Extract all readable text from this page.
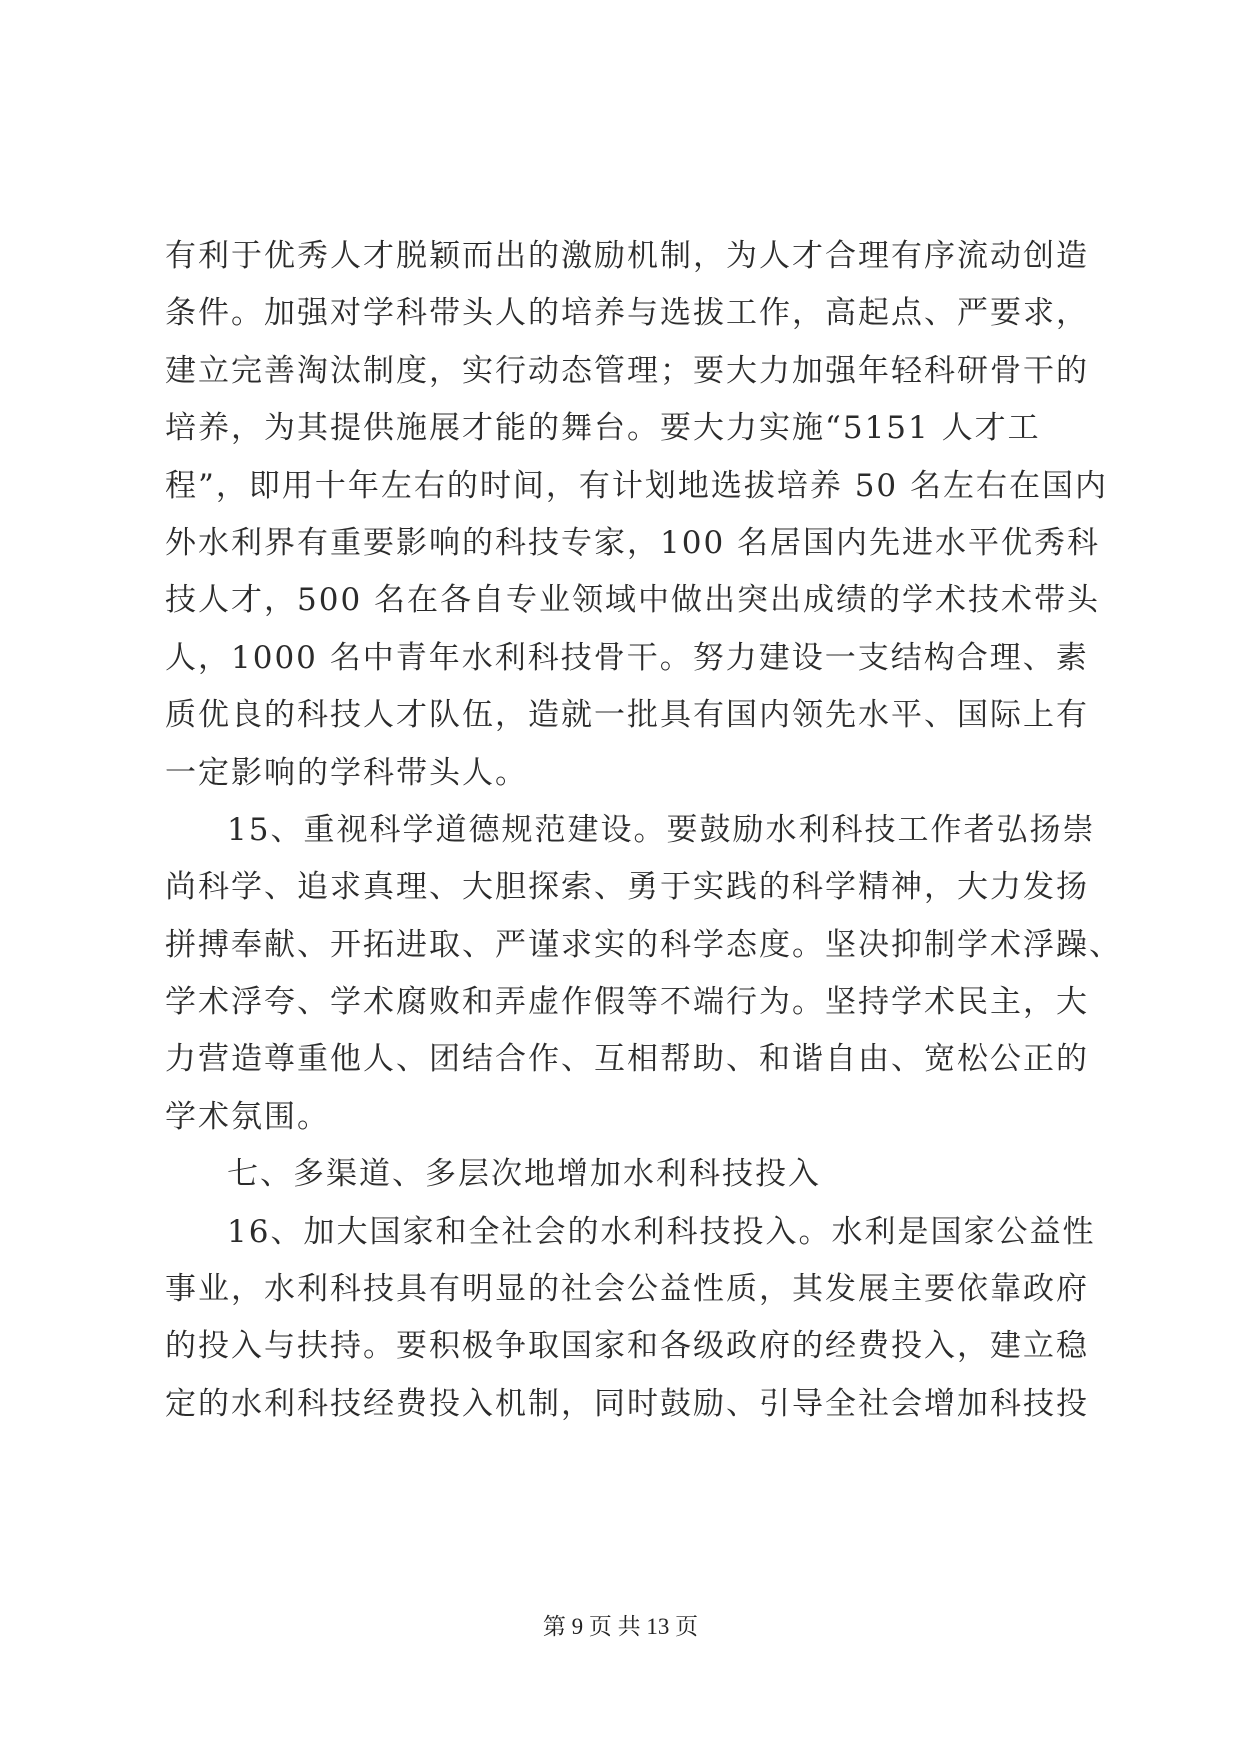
有利于优秀人才脱颖而出的激励机制，为人才合理有序流动创造
条件。加强对学科带头人的培养与选拔工作，高起点、严要求，
建立完善淘汰制度，实行动态管理；要大力加强年轻科研骨干的
培养，为其提供施展才能的舞台。要大力实施“5151 人才工
程”，即用十年左右的时间，有计划地选拔培养 50 名左右在国内
外水利界有重要影响的科技专家，100 名居国内先进水平优秀科
技人才，500 名在各自专业领域中做出突出成绩的学术技术带头
人，1000 名中青年水利科技骨干。努力建设一支结构合理、素
质优良的科技人才队伍，造就一批具有国内领先水平、国际上有
一定影响的学科带头人。
15、重视科学道德规范建设。要鼓励水利科技工作者弘扬崇
尚科学、追求真理、大胆探索、勇于实践的科学精神，大力发扬
拼搏奉献、开拓进取、严谨求实的科学态度。坚决抑制学术浮躁、
学术浮夸、学术腐败和弄虚作假等不端行为。坚持学术民主，大
力营造尊重他人、团结合作、互相帮助、和谐自由、宽松公正的
学术氛围。
七、多渠道、多层次地增加水利科技投入
16、加大国家和全社会的水利科技投入。水利是国家公益性
事业，水利科技具有明显的社会公益性质，其发展主要依靠政府
的投入与扶持。要积极争取国家和各级政府的经费投入，建立稳
定的水利科技经费投入机制，同时鼓励、引导全社会增加科技投
第 9 页 共 13 页
